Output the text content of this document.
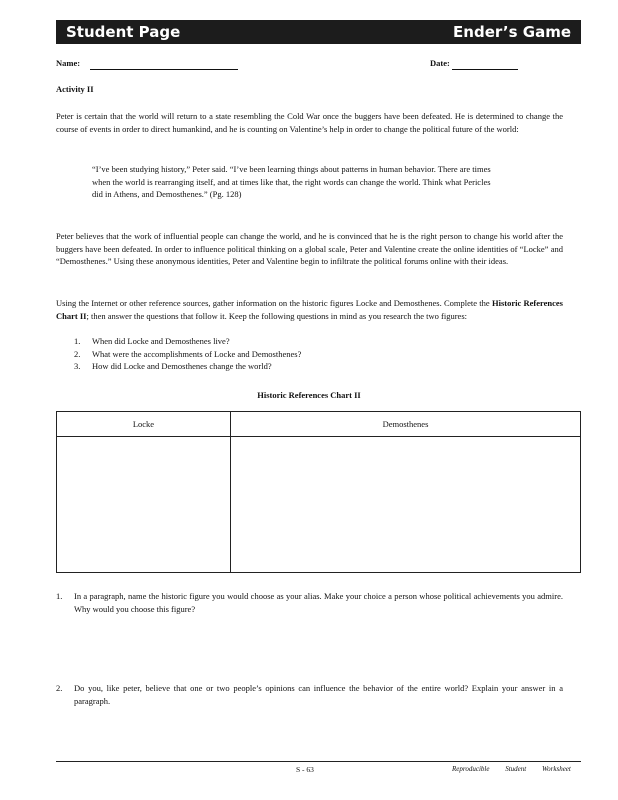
Student Page	Ender’s Game
Name:	Date:
Activity II
Peter is certain that the world will return to a state resembling the Cold War once the buggers have been defeated. He is determined to change the course of events in order to direct humankind, and he is counting on Valentine’s help in order to change the political future of the world:
“I’ve been studying history,” Peter said. “I’ve been learning things about patterns in human behavior. There are times when the world is rearranging itself, and at times like that, the right words can change the world. Think what Pericles did in Athens, and Demosthenes.” (Pg. 128)
Peter believes that the work of influential people can change the world, and he is convinced that he is the right person to change his world after the buggers have been defeated. In order to influence political thinking on a global scale, Peter and Valentine create the online identities of “Locke” and “Demosthenes.” Using these anonymous identities, Peter and Valentine begin to infiltrate the political forums online with their ideas.
Using the Internet or other reference sources, gather information on the historic figures Locke and Demosthenes. Complete the Historic References Chart II; then answer the questions that follow it. Keep the following questions in mind as you research the two figures:
1.	When did Locke and Demosthenes live?
2.	What were the accomplishments of Locke and Demosthenes?
3.	How did Locke and Demosthenes change the world?
Historic References Chart II
Locke	Demosthenes

1.	In a paragraph, name the historic figure you would choose as your alias. Make your choice a person whose political achievements you admire. Why would you choose this figure?
2.	Do you, like peter, believe that one or two people’s opinions can influence the behavior of the entire world? Explain your answer in a paragraph.
S - 63	Reproducible Student Worksheet
